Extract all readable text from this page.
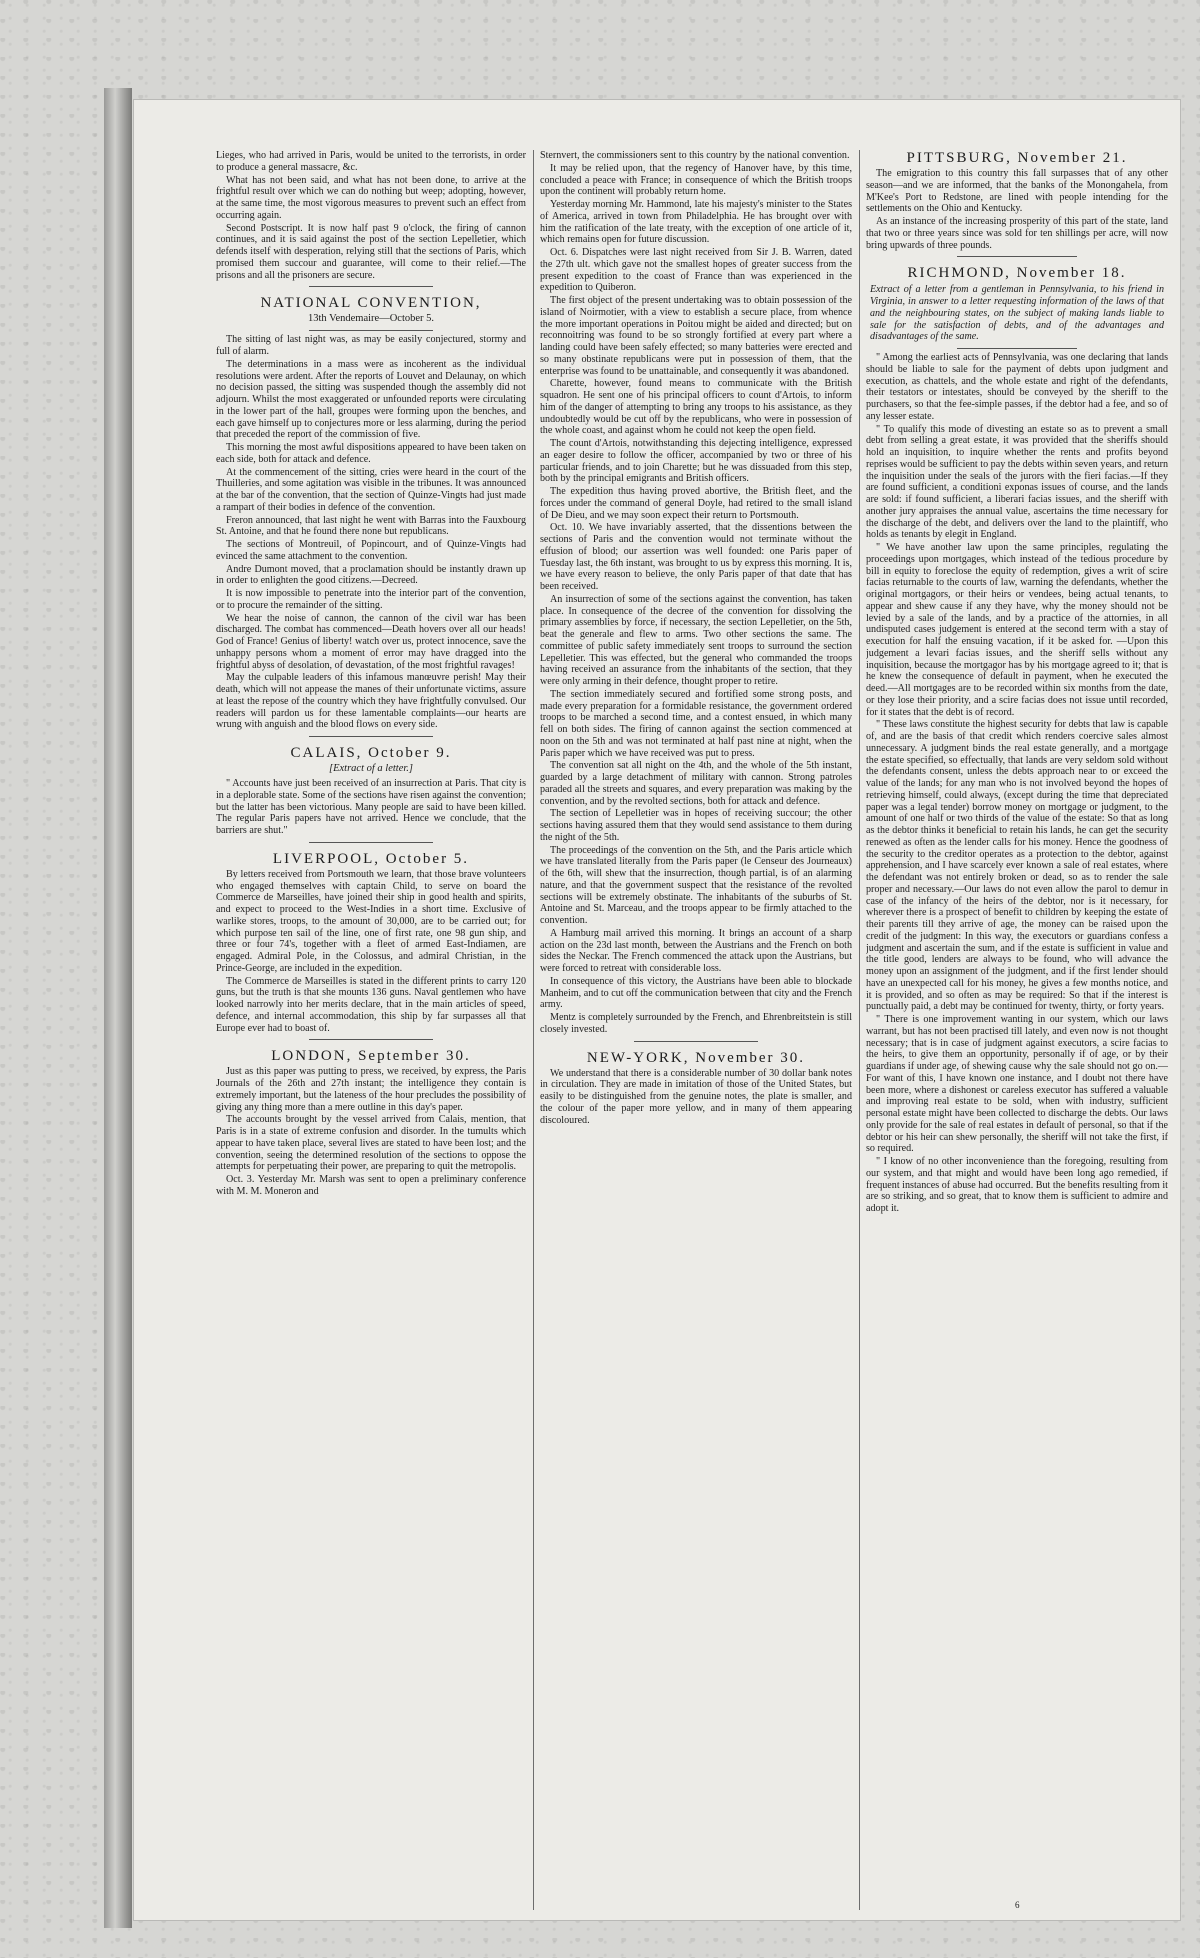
Lieges, who had arrived in Paris, would be united to the terrorists, in order to produce a general massacre, &c.

What has not been said, and what has not been done, to arrive at the frightful result over which we can do nothing but weep; adopting, however, at the same time, the most vigorous measures to prevent such an effect from occurring again.

Second Postscript. It is now half past 9 o'clock, the firing of cannon continues, and it is said against the post of the section Lepelletier, which defends itself with desperation, relying still that the sections of Paris, which promised them succour and guarantee, will come to their relief.—The prisons and all the prisoners are secure.

NATIONAL CONVENTION,
13th Vendemaire—October 5.

The sitting of last night was, as may be easily conjectured, stormy and full of alarm.

The determinations in a mass were as incoherent as the individual resolutions were ardent. After the reports of Louvet and Delaunay, on which no decision passed, the sitting was suspended though the assembly did not adjourn. Whilst the most exaggerated or unfounded reports were circulating in the lower part of the hall, groupes were forming upon the benches, and each gave himself up to conjectures more or less alarming, during the period that preceded the report of the commission of five.

This morning the most awful dispositions appeared to have been taken on each side, both for attack and defence.

At the commencement of the sitting, cries were heard in the court of the Thuilleries, and some agitation was visible in the tribunes. It was announced at the bar of the convention, that the section of Quinze-Vingts had just made a rampart of their bodies in defence of the convention.

Freron announced, that last night he went with Barras into the Fauxbourg St. Antoine, and that he found there none but republicans.

The sections of Montreuil, of Popincourt, and of Quinze-Vingts had evinced the same attachment to the convention.

Andre Dumont moved, that a proclamation should be instantly drawn up in order to enlighten the good citizens.—Decreed.

It is now impossible to penetrate into the interior part of the convention, or to procure the remainder of the sitting.

We hear the noise of cannon, the cannon of the civil war has been discharged. The combat has commenced—Death hovers over all our heads! God of France! Genius of liberty! watch over us, protect innocence, save the unhappy persons whom a moment of error may have dragged into the frightful abyss of desolation, of devastation, of the most frightful ravages!

May the culpable leaders of this infamous manœuvre perish! May their death, which will not appease the manes of their unfortunate victims, assure at least the repose of the country which they have frightfully convulsed. Our readers will pardon us for these lamentable complaints—our hearts are wrung with anguish and the blood flows on every side.

CALAIS, October 9.
[Extract of a letter.]

" Accounts have just been received of an insurrection at Paris. That city is in a deplorable state. Some of the sections have risen against the convention; but the latter has been victorious. Many people are said to have been killed. The regular Paris papers have not arrived. Hence we conclude, that the barriers are shut."

LIVERPOOL, October 5.

By letters received from Portsmouth we learn, that those brave volunteers who engaged themselves with captain Child, to serve on board the Commerce de Marseilles, have joined their ship in good health and spirits, and expect to proceed to the West-Indies in a short time. Exclusive of warlike stores, troops, to the amount of 30,000, are to be carried out; for which purpose ten sail of the line, one of first rate, one 98 gun ship, and three or four 74's, together with a fleet of armed East-Indiamen, are engaged. Admiral Pole, in the Colossus, and admiral Christian, in the Prince-George, are included in the expedition.

The Commerce de Marseilles is stated in the different prints to carry 120 guns, but the truth is that she mounts 136 guns. Naval gentlemen who have looked narrowly into her merits declare, that in the main articles of speed, defence, and internal accommodation, this ship by far surpasses all that Europe ever had to boast of.

LONDON, September 30.

Just as this paper was putting to press, we received, by express, the Paris Journals of the 26th and 27th instant; the intelligence they contain is extremely important, but the lateness of the hour precludes the possibility of giving any thing more than a mere outline in this day's paper.

The accounts brought by the vessel arrived from Calais, mention, that Paris is in a state of extreme confusion and disorder. In the tumults which appear to have taken place, several lives are stated to have been lost; and the convention, seeing the determined resolution of the sections to oppose the attempts for perpetuating their power, are preparing to quit the metropolis.

Oct. 3. Yesterday Mr. Marsh was sent to open a preliminary conference with M. M. Moneron and

Sternvert, the commissioners sent to this country by the national convention.

It may be relied upon, that the regency of Hanover have, by this time, concluded a peace with France; in consequence of which the British troops upon the continent will probably return home.

Yesterday morning Mr. Hammond, late his majesty's minister to the States of America, arrived in town from Philadelphia. He has brought over with him the ratification of the late treaty, with the exception of one article of it, which remains open for future discussion.

Oct. 6. Dispatches were last night received from Sir J. B. Warren, dated the 27th ult. which gave not the smallest hopes of greater success from the present expedition to the coast of France than was experienced in the expedition to Quiberon.

The first object of the present undertaking was to obtain possession of the island of Noirmotier, with a view to establish a secure place, from whence the more important operations in Poitou might be aided and directed; but on reconnoitring was found to be so strongly fortified at every part where a landing could have been safely effected; so many batteries were erected and so many obstinate republicans were put in possession of them, that the enterprise was found to be unattainable, and consequently it was abandoned.

Charette, however, found means to communicate with the British squadron. He sent one of his principal officers to count d'Artois, to inform him of the danger of attempting to bring any troops to his assistance, as they undoubtedly would be cut off by the republicans, who were in possession of the whole coast, and against whom he could not keep the open field.

The count d'Artois, notwithstanding this dejecting intelligence, expressed an eager desire to follow the officer, accompanied by two or three of his particular friends, and to join Charette; but he was dissuaded from this step, both by the principal emigrants and British officers.

The expedition thus having proved abortive, the British fleet, and the forces under the command of general Doyle, had retired to the small island of De Dieu, and we may soon expect their return to Portsmouth.

Oct. 10. We have invariably asserted, that the dissentions between the sections of Paris and the convention would not terminate without the effusion of blood; our assertion was well founded: one Paris paper of Tuesday last, the 6th instant, was brought to us by express this morning. It is, we have every reason to believe, the only Paris paper of that date that has been received.

An insurrection of some of the sections against the convention, has taken place. In consequence of the decree of the convention for dissolving the primary assemblies by force, if necessary, the section Lepelletier, on the 5th, beat the generale and flew to arms. Two other sections the same. The committee of public safety immediately sent troops to surround the section Lepelletier. This was effected, but the general who commanded the troops having received an assurance from the inhabitants of the section, that they were only arming in their defence, thought proper to retire.

The section immediately secured and fortified some strong posts, and made every preparation for a formidable resistance, the government ordered troops to be marched a second time, and a contest ensued, in which many fell on both sides. The firing of cannon against the section commenced at noon on the 5th and was not terminated at half past nine at night, when the Paris paper which we have received was put to press.

The convention sat all night on the 4th, and the whole of the 5th instant, guarded by a large detachment of military with cannon. Strong patroles paraded all the streets and squares, and every preparation was making by the convention, and by the revolted sections, both for attack and defence.

The section of Lepelletier was in hopes of receiving succour; the other sections having assured them that they would send assistance to them during the night of the 5th.

The proceedings of the convention on the 5th, and the Paris article which we have translated literally from the Paris paper (le Censeur des Journeaux) of the 6th, will shew that the insurrection, though partial, is of an alarming nature, and that the government suspect that the resistance of the revolted sections will be extremely obstinate. The inhabitants of the suburbs of St. Antoine and St. Marceau, and the troops appear to be firmly attached to the convention.

A Hamburg mail arrived this morning. It brings an account of a sharp action on the 23d last month, between the Austrians and the French on both sides the Neckar. The French commenced the attack upon the Austrians, but were forced to retreat with considerable loss.

In consequence of this victory, the Austrians have been able to blockade Manheim, and to cut off the communication between that city and the French army.

Mentz is completely surrounded by the French, and Ehrenbreitstein is still closely invested.

NEW-YORK, November 30.

We understand that there is a considerable number of 30 dollar bank notes in circulation. They are made in imitation of those of the United States, but easily to be distinguished from the genuine notes, the plate is smaller, and the colour of the paper more yellow, and in many of them appearing discoloured.

PITTSBURG, November 21.

The emigration to this country this fall surpasses that of any other season—and we are informed, that the banks of the Monongahela, from M'Kee's Port to Redstone, are lined with people intending for the settlements on the Ohio and Kentucky.

As an instance of the increasing prosperity of this part of the state, land that two or three years since was sold for ten shillings per acre, will now bring upwards of three pounds.

RICHMOND, November 18.

Extract of a letter from a gentleman in Pennsylvania, to his friend in Virginia, in answer to a letter requesting information of the laws of that and the neighbouring states, on the subject of making lands liable to sale for the satisfaction of debts, and of the advantages and disadvantages of the same.

" Among the earliest acts of Pennsylvania, was one declaring that lands should be liable to sale for the payment of debts upon judgment and execution, as chattels, and the whole estate and right of the defendants, their testators or intestates, should be conveyed by the sheriff to the purchasers, so that the fee-simple passes, if the debtor had a fee, and so of any lesser estate.

" To qualify this mode of divesting an estate so as to prevent a small debt from selling a great estate, it was provided that the sheriffs should hold an inquisition, to inquire whether the rents and profits beyond reprises would be sufficient to pay the debts within seven years, and return the inquisition under the seals of the jurors with the fieri facias.—If they are found sufficient, a conditioni exponas issues of course, and the lands are sold: if found sufficient, a liberari facias issues, and the sheriff with another jury appraises the annual value, ascertains the time necessary for the discharge of the debt, and delivers over the land to the plaintiff, who holds as tenants by elegit in England.

" We have another law upon the same principles, regulating the proceedings upon mortgages, which instead of the tedious procedure by bill in equity to foreclose the equity of redemption, gives a writ of scire facias returnable to the courts of law, warning the defendants, whether the original mortgagors, or their heirs or vendees, being actual tenants, to appear and shew cause if any they have, why the money should not be levied by a sale of the lands, and by a practice of the attornies, in all undisputed cases judgement is entered at the second term with a stay of execution for half the ensuing vacation, if it be asked for. —Upon this judgement a levari facias issues, and the sheriff sells without any inquisition, because the mortgagor has by his mortgage agreed to it; that is he knew the consequence of default in payment, when he executed the deed.—All mortgages are to be recorded within six months from the date, or they lose their priority, and a scire facias does not issue until recorded, for it states that the debt is of record.

" These laws constitute the highest security for debts that law is capable of, and are the basis of that credit which renders coercive sales almost unnecessary. A judgment binds the real estate generally, and a mortgage the estate specified, so effectually, that lands are very seldom sold without the defendants consent, unless the debts approach near to or exceed the value of the lands; for any man who is not involved beyond the hopes of retrieving himself, could always, (except during the time that depreciated paper was a legal tender) borrow money on mortgage or judgment, to the amount of one half or two thirds of the value of the estate: So that as long as the debtor thinks it beneficial to retain his lands, he can get the security renewed as often as the lender calls for his money. Hence the goodness of the security to the creditor operates as a protection to the debtor, against apprehension, and I have scarcely ever known a sale of real estates, where the defendant was not entirely broken or dead, so as to render the sale proper and necessary.—Our laws do not even allow the parol to demur in case of the infancy of the heirs of the debtor, nor is it necessary, for wherever there is a prospect of benefit to children by keeping the estate of their parents till they arrive of age, the money can be raised upon the credit of the judgment: In this way, the executors or guardians confess a judgment and ascertain the sum, and if the estate is sufficient in value and the title good, lenders are always to be found, who will advance the money upon an assignment of the judgment, and if the first lender should have an unexpected call for his money, he gives a few months notice, and it is provided, and so often as may be required: So that if the interest is punctually paid, a debt may be continued for twenty, thirty, or forty years.

" There is one improvement wanting in our system, which our laws warrant, but has not been practised till lately, and even now is not thought necessary; that is in case of judgment against executors, a scire facias to the heirs, to give them an opportunity, personally if of age, or by their guardians if under age, of shewing cause why the sale should not go on.—For want of this, I have known one instance, and I doubt not there have been more, where a dishonest or careless executor has suffered a valuable and improving real estate to be sold, when with industry, sufficient personal estate might have been collected to discharge the debts. Our laws only provide for the sale of real estates in default of personal, so that if the debtor or his heir can shew personally, the sheriff will not take the first, if so required.

" I know of no other inconvenience than the foregoing, resulting from our system, and that might and would have been long ago remedied, if frequent instances of abuse had occurred. But the benefits resulting from it are so striking, and so great, that to know them is sufficient to admire and adopt it.

6
